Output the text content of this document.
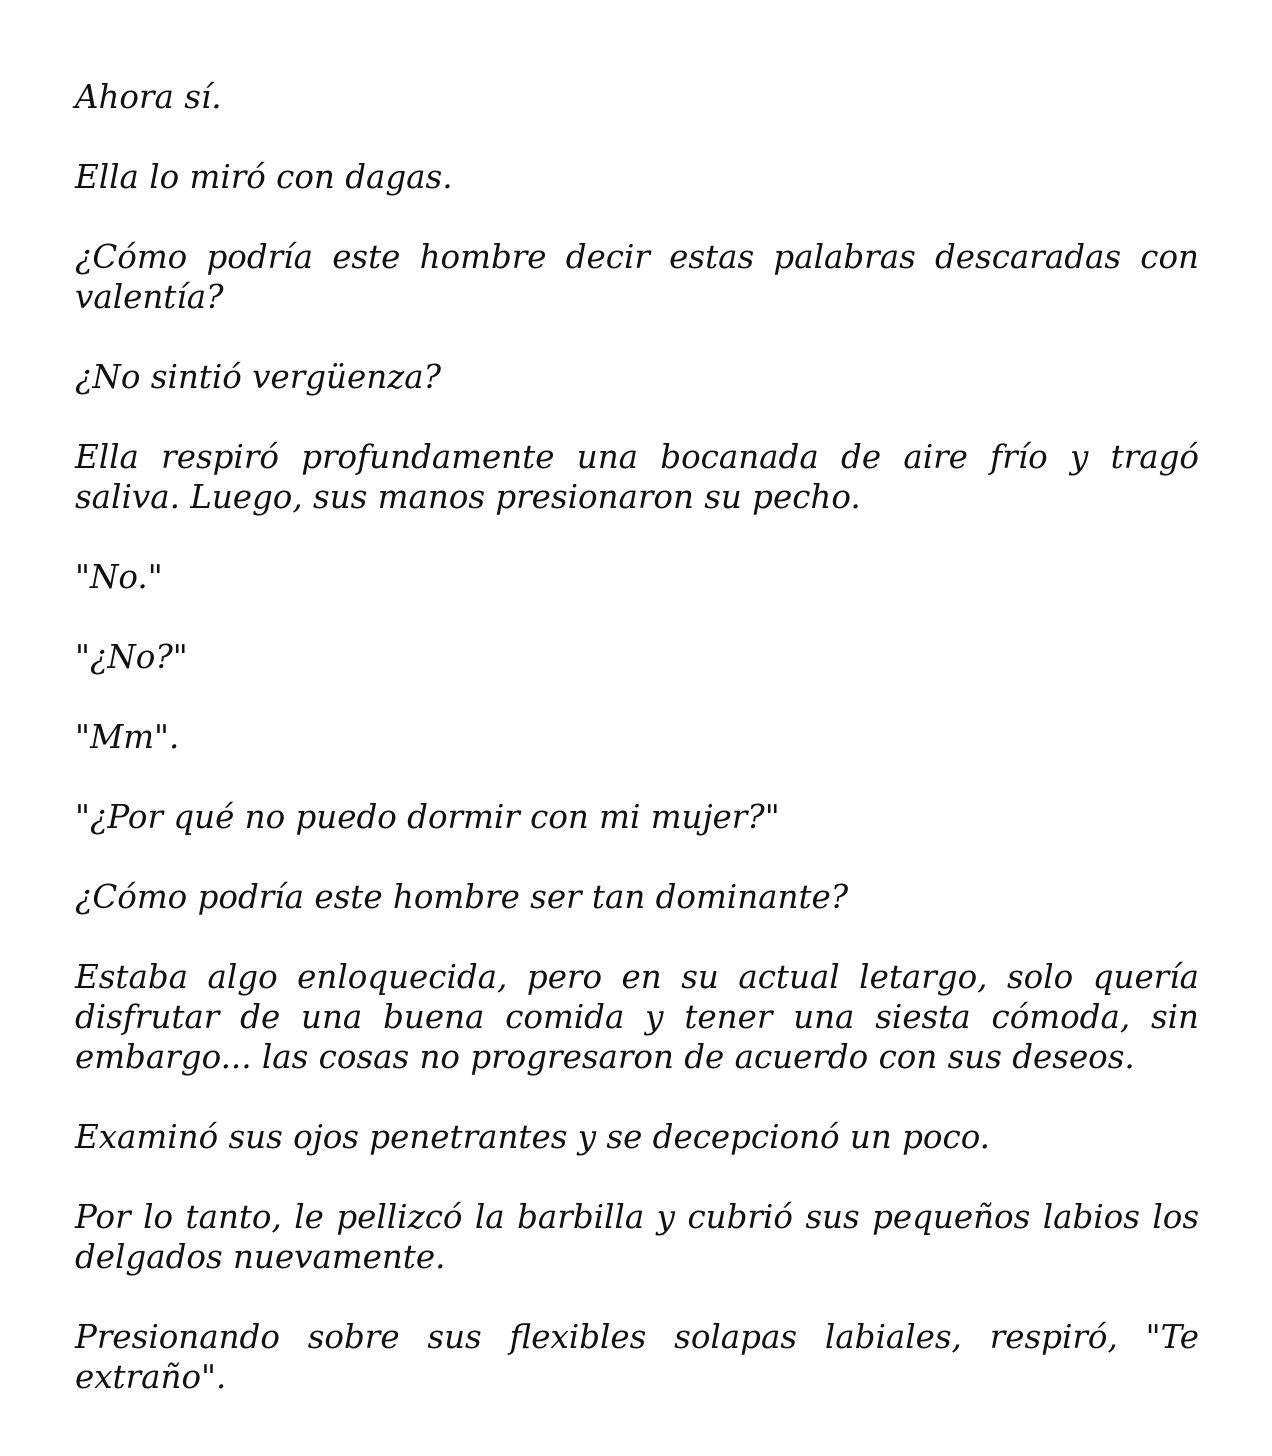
Ahora sí.

Ella lo miró con dagas.

¿Cómo podría este hombre decir estas palabras descaradas con valentía?

¿No sintió vergüenza?

Ella respiró profundamente una bocanada de aire frío y tragó saliva. Luego, sus manos presionaron su pecho.

"No."

"¿No?"

"Mm".

"¿Por qué no puedo dormir con mi mujer?"

¿Cómo podría este hombre ser tan dominante?

Estaba algo enloquecida, pero en su actual letargo, solo quería disfrutar de una buena comida y tener una siesta cómoda, sin embargo... las cosas no progresaron de acuerdo con sus deseos.

Examinó sus ojos penetrantes y se decepcionó un poco.

Por lo tanto, le pellizcó la barbilla y cubrió sus pequeños labios los delgados nuevamente.

Presionando sobre sus flexibles solapas labiales, respiró, "Te extraño".
